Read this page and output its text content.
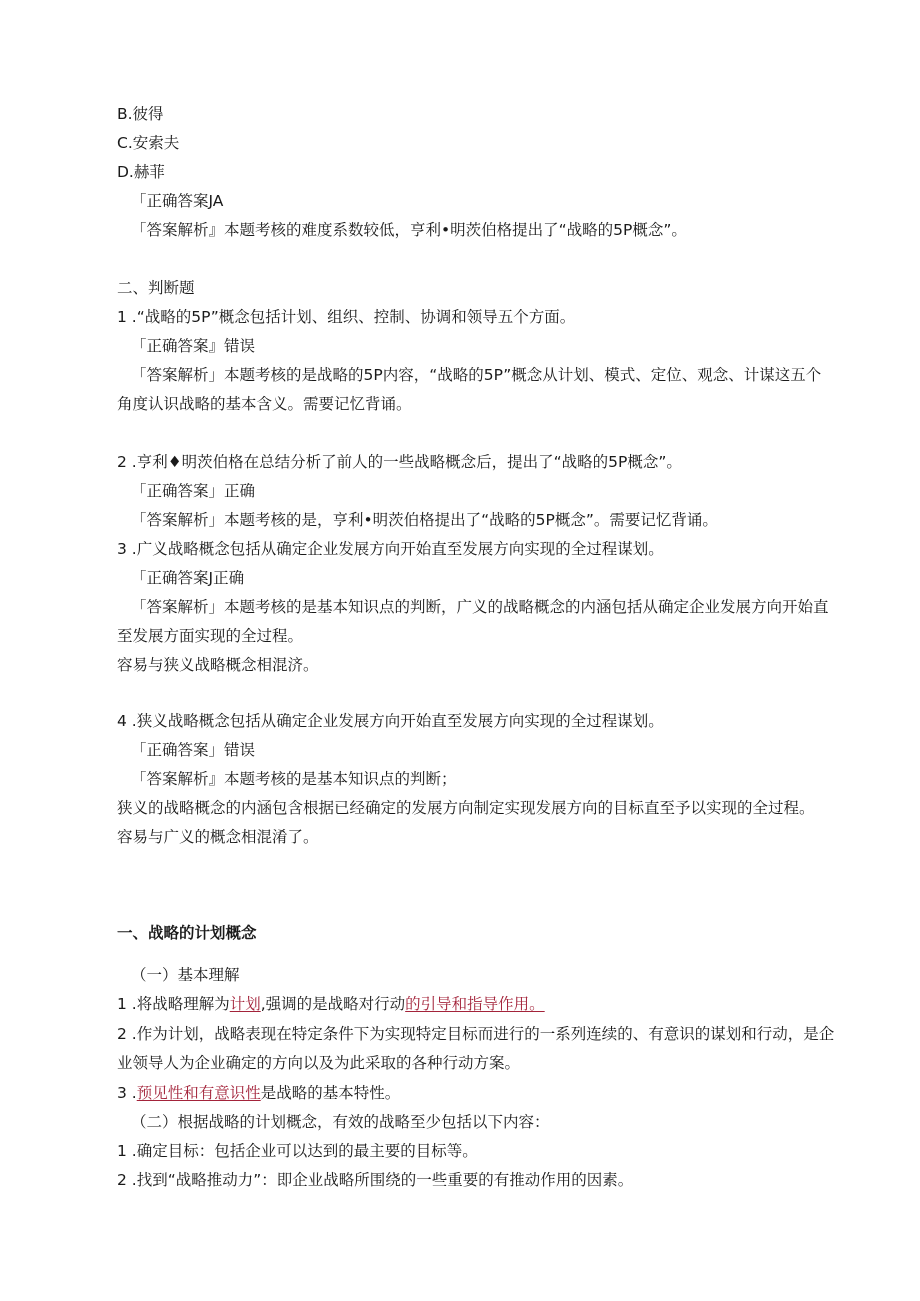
B.彼得
C.安索夫
D.赫菲
「正确答案JA
「答案解析』本题考核的难度系数较低，亨利•明茨伯格提出了“战略的5P概念”。
二、判断题
1 .“战略的5P”概念包括计划、组织、控制、协调和领导五个方面。
「正确答案』错误
「答案解析」本题考核的是战略的5P内容，“战略的5P”概念从计划、模式、定位、观念、计谋这五个
角度认识战略的基本含义。需要记忆背诵。
2 .亨利♦明茨伯格在总结分析了前人的一些战略概念后，提出了“战略的5P概念”。
「正确答案」正确
「答案解析」本题考核的是，亨利•明茨伯格提出了“战略的5P概念”。需要记忆背诵。
3 .广义战略概念包括从确定企业发展方向开始直至发展方向实现的全过程谋划。
「正确答案J正确
「答案解析」本题考核的是基本知识点的判断，广义的战略概念的内涵包括从确定企业发展方向开始直
至发展方面实现的全过程。
容易与狭义战略概念相混济。
4 .狭义战略概念包括从确定企业发展方向开始直至发展方向实现的全过程谋划。
「正确答案」错误
「答案解析』本题考核的是基本知识点的判断；
狭义的战略概念的内涵包含根据已经确定的发展方向制定实现发展方向的目标直至予以实现的全过程。
容易与广义的概念相混淆了。
一、战略的计划概念
（一）基本理解
1 .将战略理解为计划,强调的是战略对行动的引导和指导作用。
2 .作为计划，战略表现在特定条件下为实现特定目标而进行的一系列连续的、有意识的谋划和行动，是企
业领导人为企业确定的方向以及为此采取的各种行动方案。
3 .预见性和有意识性是战略的基本特性。
（二）根据战略的计划概念，有效的战略至少包括以下内容：
1 .确定目标：包括企业可以达到的最主要的目标等。
2 .找到“战略推动力”：即企业战略所围绕的一些重要的有推动作用的因素。
